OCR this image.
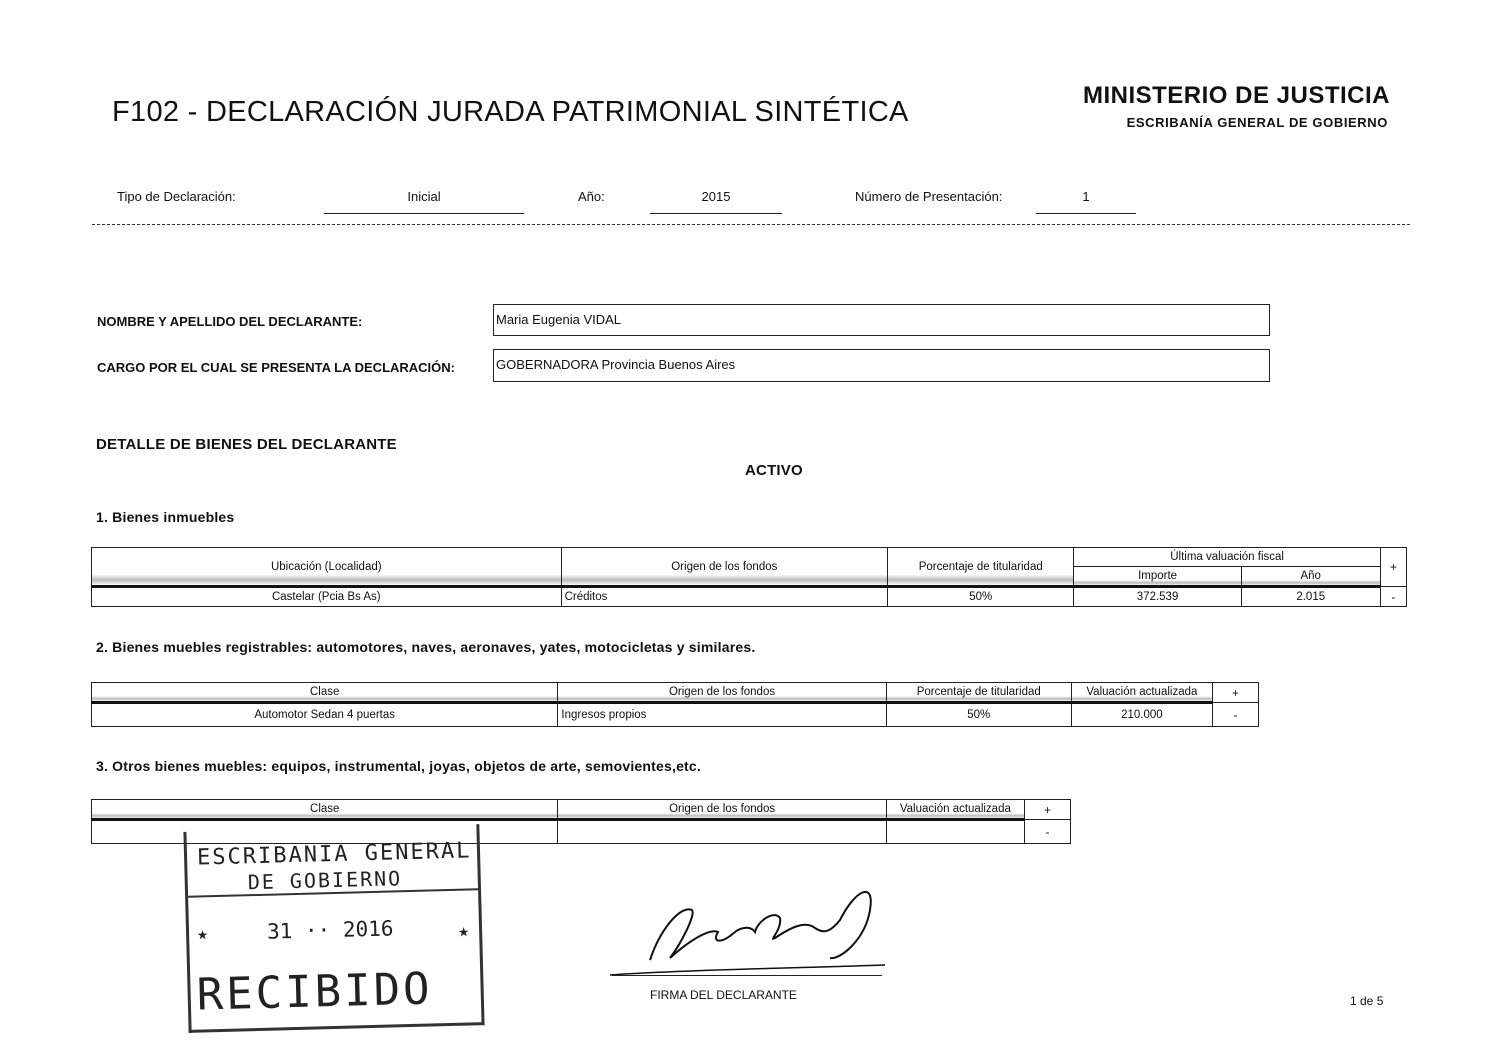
F102 - DECLARACIÓN JURADA PATRIMONIAL SINTÉTICA
MINISTERIO DE JUSTICIA
ESCRIBANÍA GENERAL DE GOBIERNO
Tipo de Declaración:	Inicial	Año:	2015	Número de Presentación:	1
NOMBRE Y APELLIDO DEL DECLARANTE:	Maria Eugenia VIDAL
CARGO POR EL CUAL SE PRESENTA LA DECLARACIÓN:	GOBERNADORA Provincia Buenos Aires
DETALLE DE BIENES DEL DECLARANTE
ACTIVO
1. Bienes inmuebles
Ubicación (Localidad)	Origen de los fondos	Porcentaje de titularidad	Última valuación fiscal		+
			Importe	Año	
Castelar (Pcia Bs As)	Créditos	50%	372.539	2.015	-
2. Bienes muebles registrables: automotores, naves, aeronaves, yates, motocicletas y similares.
Clase	Origen de los fondos	Porcentaje de titularidad	Valuación actualizada	+
Automotor Sedan 4 puertas	Ingresos propios	50%	210.000	-
3. Otros bienes muebles: equipos, instrumental, joyas, objetos de arte, semovientes,etc.
Clase	Origen de los fondos	Valuación actualizada	+
			-
ESCRIBANIA GENERAL
DE GOBIERNO
★	31 ·· 2016	★
RECIBIDO	FIRMA DEL DECLARANTE	1 de 5
